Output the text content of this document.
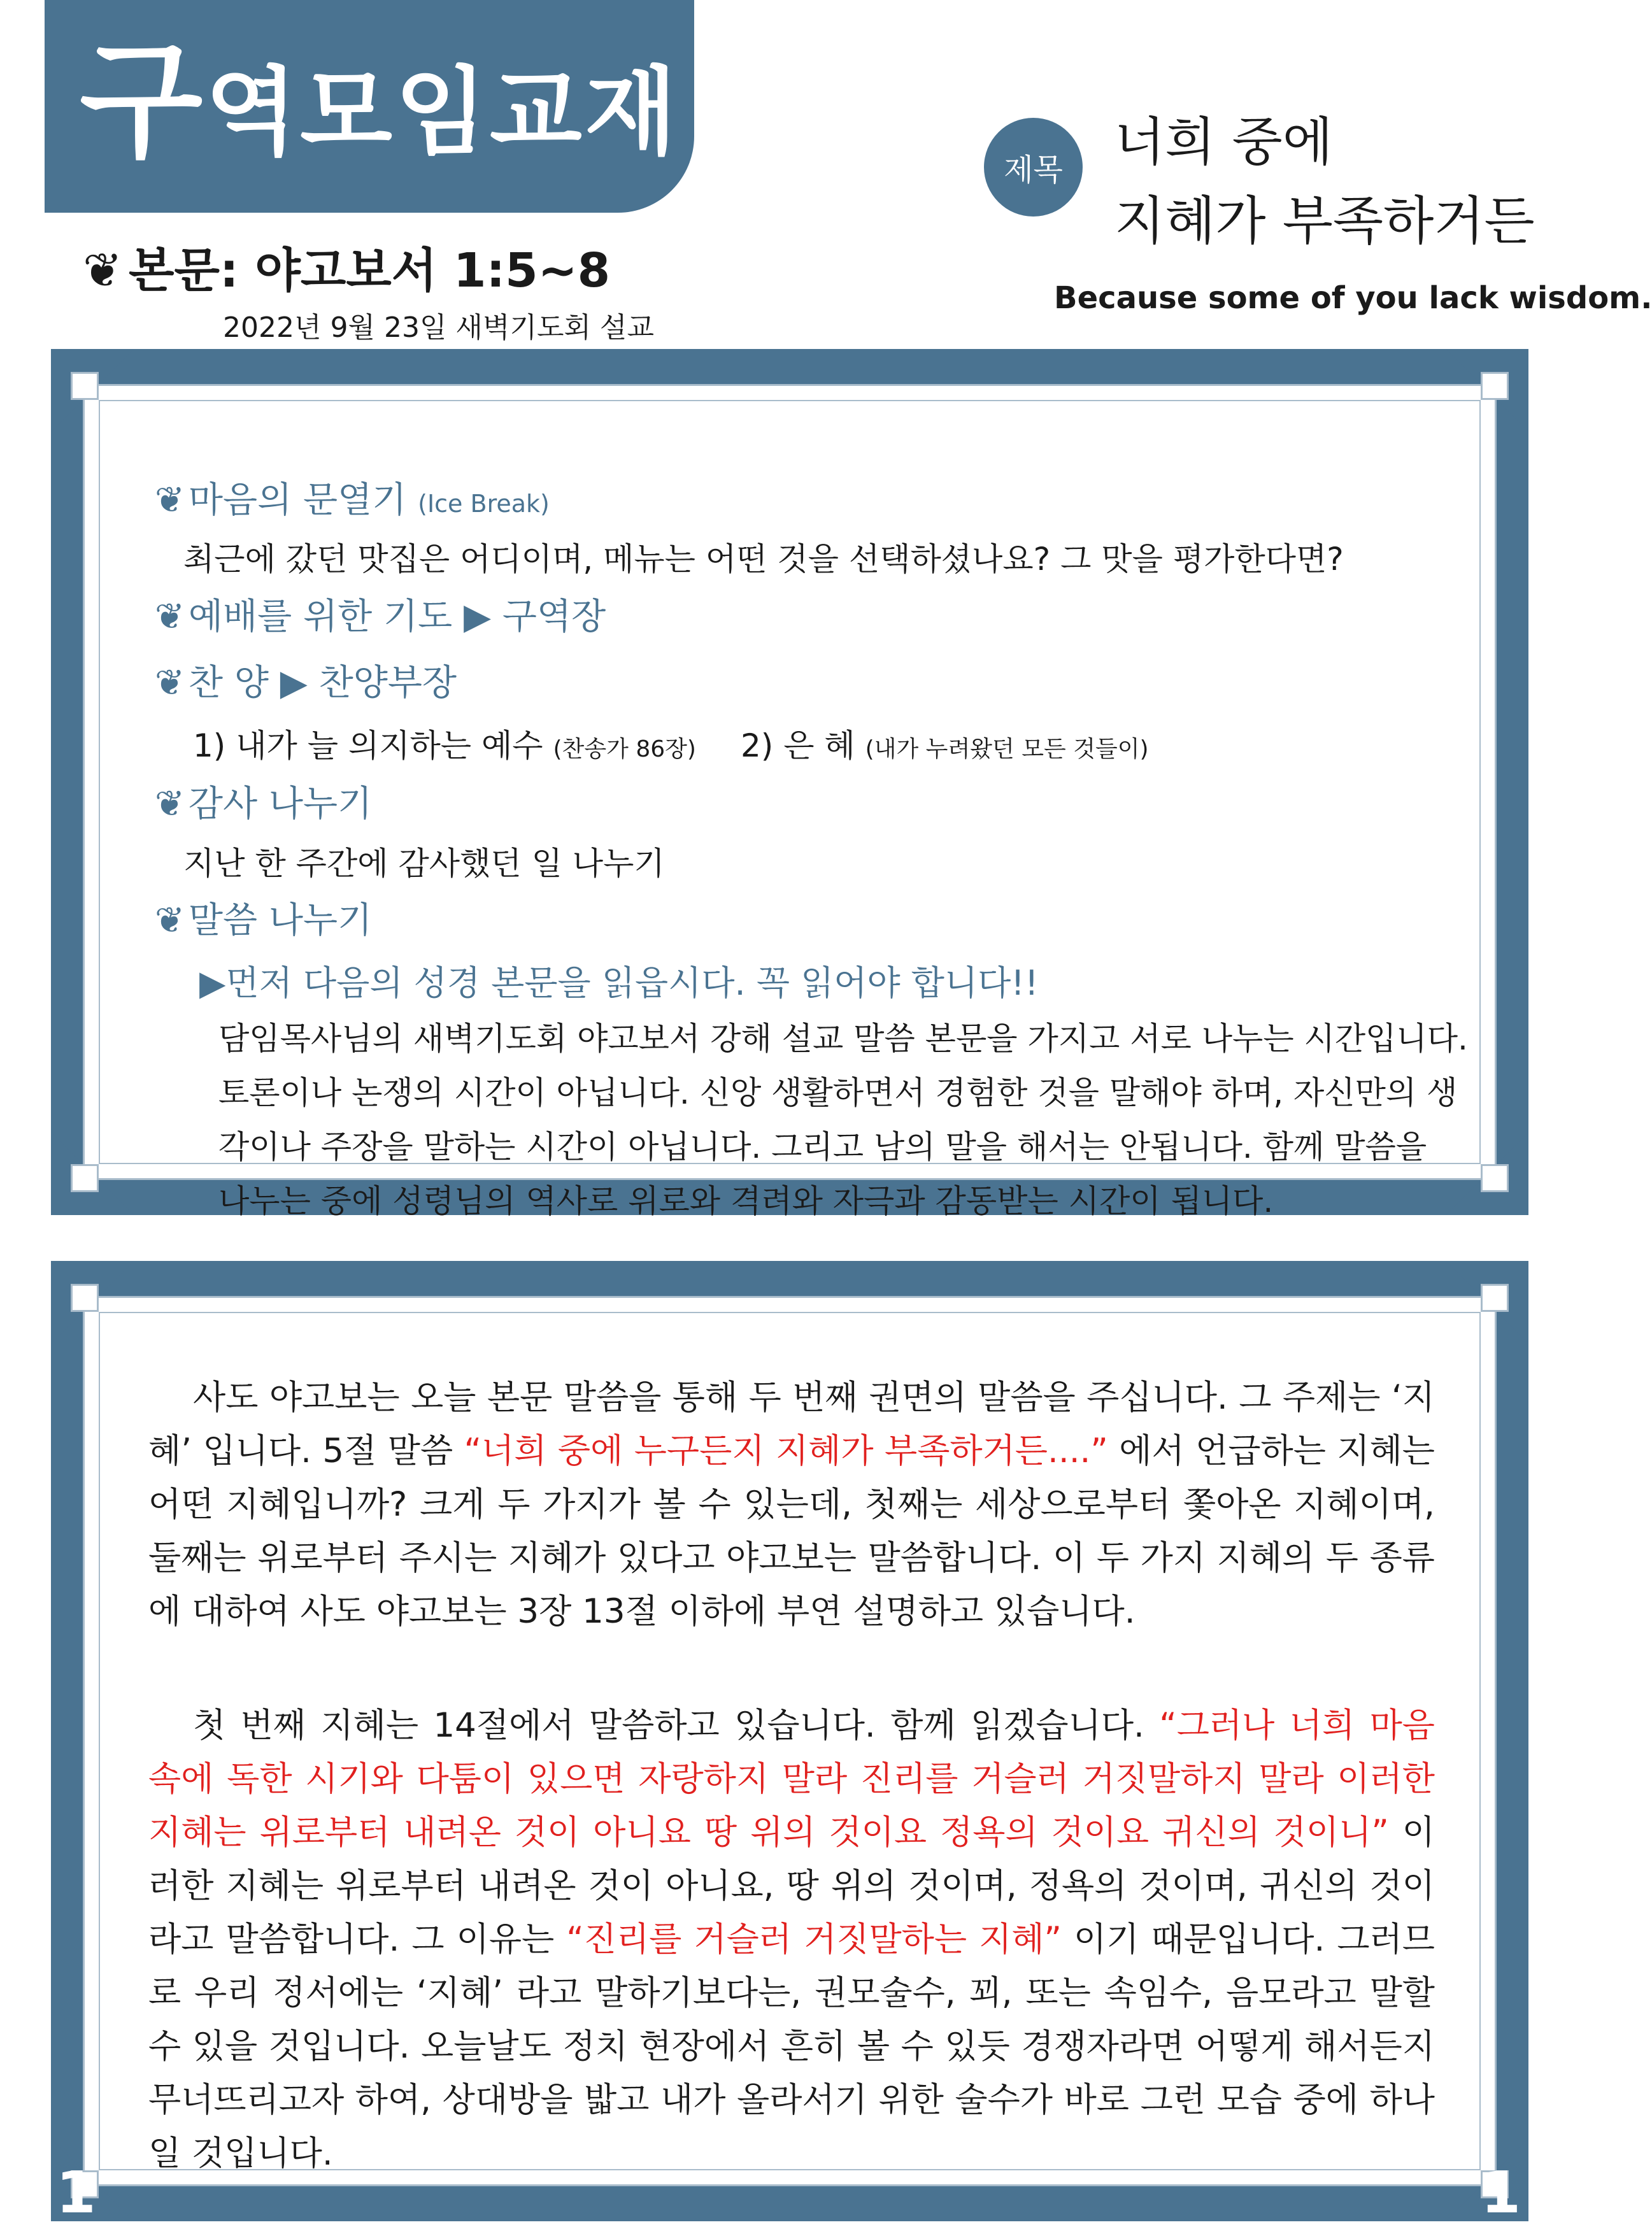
구역모임교재
❦ 본문: 야고보서 1:5~8
2022년 9월 23일 새벽기도회 설교
제목 너희 중에
지혜가 부족하거든
Because some of you lack wisdom.
❦ 마음의 문열기 (Ice Break)
최근에 갔던 맛집은 어디이며, 메뉴는 어떤 것을 선택하셨나요? 그 맛을 평가한다면?
❦ 예배를 위한 기도 ▶ 구역장
❦ 찬 양 ▶ 찬양부장
1) 내가 늘 의지하는 예수 (찬송가 86장) 2) 은 혜 (내가 누려왔던 모든 것들이)
❦ 감사 나누기
지난 한 주간에 감사했던 일 나누기
❦ 말씀 나누기
▶먼저 다음의 성경 본문을 읽읍시다. 꼭 읽어야 합니다!!
담임목사님의 새벽기도회 야고보서 강해 설교 말씀 본문을 가지고 서로 나누는 시간입니다.
토론이나 논쟁의 시간이 아닙니다. 신앙 생활하면서 경험한 것을 말해야 하며, 자신만의 생
각이나 주장을 말하는 시간이 아닙니다. 그리고 남의 말을 해서는 안됩니다. 함께 말씀을
나누는 중에 성령님의 역사로 위로와 격려와 자극과 감동받는 시간이 됩니다.

사도 야고보는 오늘 본문 말씀을 통해 두 번째 권면의 말씀을 주십니다. 그 주제는 ‘지혜’ 입니다. 5절 말씀 “너희 중에 누구든지 지혜가 부족하거든....” 에서 언급하는 지혜는 어떤 지혜입니까? 크게 두 가지가 볼 수 있는데, 첫째는 세상으로부터 쫓아온 지혜이며, 둘째는 위로부터 주시는 지혜가 있다고 야고보는 말씀합니다. 이 두 가지 지혜의 두 종류에 대하여 사도 야고보는 3장 13절 이하에 부연 설명하고 있습니다.

첫 번째 지혜는 14절에서 말씀하고 있습니다. 함께 읽겠습니다. “그러나 너희 마음 속에 독한 시기와 다툼이 있으면 자랑하지 말라 진리를 거슬러 거짓말하지 말라 이러한 지혜는 위로부터 내려온 것이 아니요 땅 위의 것이요 정욕의 것이요 귀신의 것이니” 이러한 지혜는 위로부터 내려온 것이 아니요, 땅 위의 것이며, 정욕의 것이며, 귀신의 것이라고 말씀합니다. 그 이유는 “진리를 거슬러 거짓말하는 지혜” 이기 때문입니다. 그러므로 우리 정서에는 ‘지혜’ 라고 말하기보다는, 권모술수, 꾀, 또는 속임수, 음모라고 말할 수 있을 것입니다. 오늘날도 정치 현장에서 흔히 볼 수 있듯 경쟁자라면 어떻게 해서든지 무너뜨리고자 하여, 상대방을 밟고 내가 올라서기 위한 술수가 바로 그런 모습 중에 하나일 것입니다.

1	1
